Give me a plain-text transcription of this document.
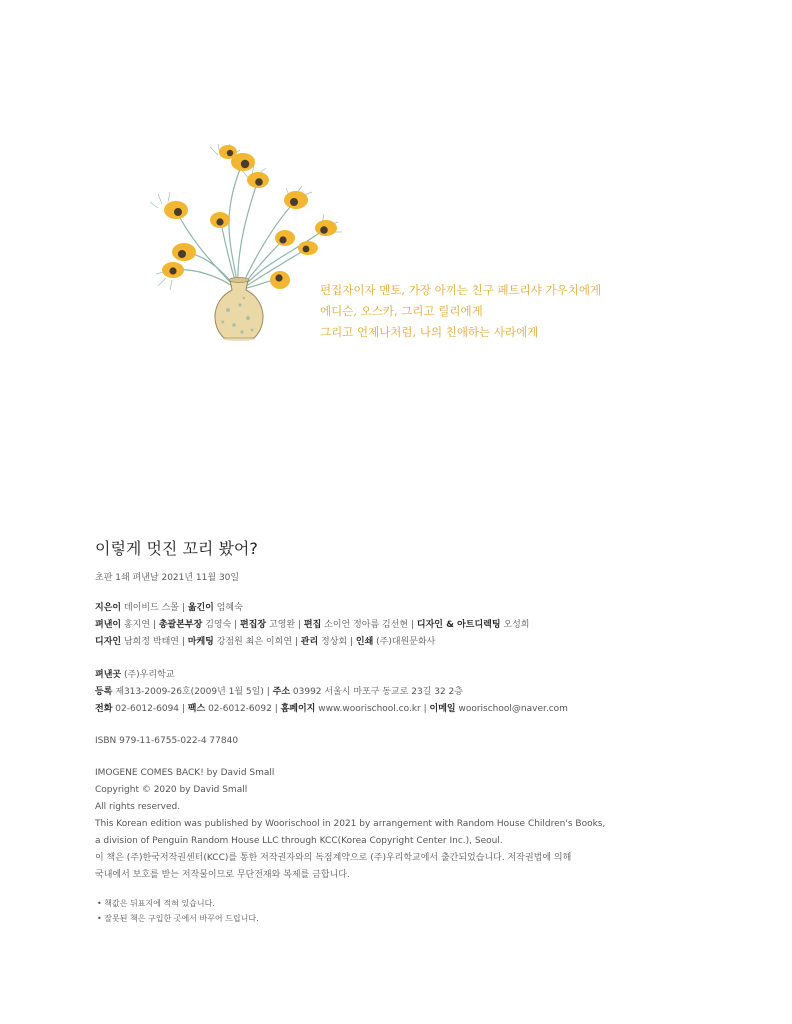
편집자이자 멘토, 가장 아끼는 친구 페트리샤 가우치에게
에디슨, 오스카, 그리고 릴리에게
그리고 언제나처럼, 나의 친애하는 사라에게
이렇게 멋진 꼬리 봤어?
초판 1쇄 펴낸날 2021년 11월 30일
지은이 데이비드 스몰 | 옮긴이 엄혜숙
펴낸이 홍지연 | 총괄본부장 김영숙 | 편집장 고영완 | 편집 소이언 정아름 김선현 | 디자인 & 아트디렉팅 오성희
디자인 남희정 박태연 | 마케팅 강점원 최은 이희연 | 관리 정상회 | 인쇄 (주)대원문화사
펴낸곳 (주)우리학교
등록 제313-2009-26호(2009년 1월 5일) | 주소 03992 서울시 마포구 동교로 23길 32 2층
전화 02-6012-6094 | 팩스 02-6012-6092 | 홈페이지 www.woorischool.co.kr | 이메일 woorischool@naver.com
ISBN 979-11-6755-022-4 77840
IMOGENE COMES BACK! by David Small
Copyright © 2020 by David Small
All rights reserved.
This Korean edition was published by Woorischool in 2021 by arrangement with Random House Children's Books,
a division of Penguin Random House LLC through KCC(Korea Copyright Center Inc.), Seoul.
이 책은 (주)한국저작권센터(KCC)를 통한 저작권자와의 독점계약으로 (주)우리학교에서 출간되었습니다. 저작권법에 의해
국내에서 보호를 받는 저작물이므로 무단전재와 복제를 금합니다.
• 책값은 뒤표지에 적혀 있습니다.
• 잘못된 책은 구입한 곳에서 바꾸어 드립니다.
